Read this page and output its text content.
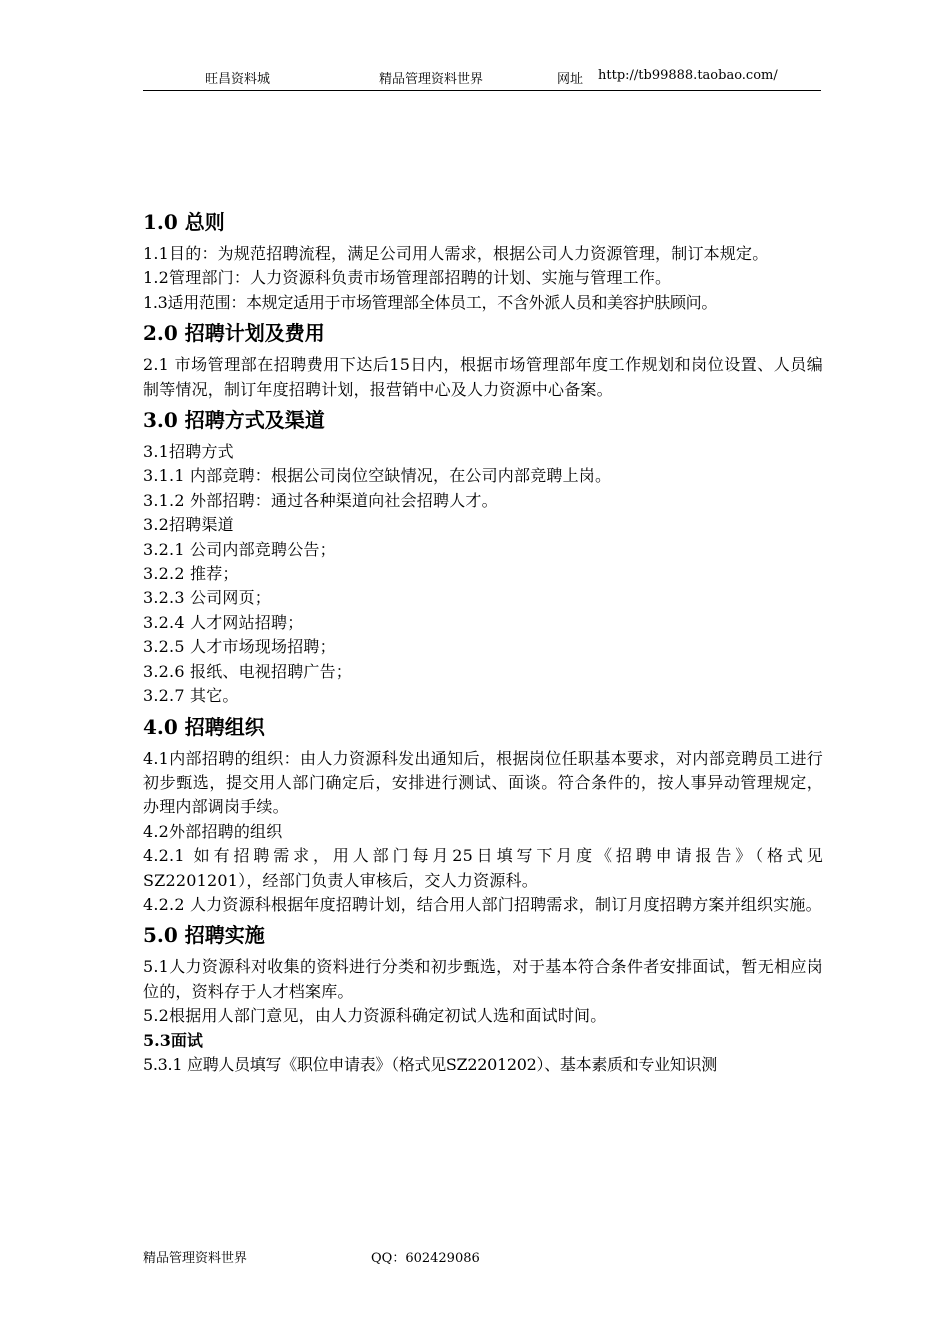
旺昌资料城	精品管理资料世界	网址 http://tb99888.taobao.com/
1.0 总则

1.1目的：为规范招聘流程，满足公司用人需求，根据公司人力资源管理，制订本规定。

1.2管理部门：人力资源科负责市场管理部招聘的计划、实施与管理工作。

1.3适用范围：本规定适用于市场管理部全体员工，不含外派人员和美容护肤顾问。

2.0 招聘计划及费用

2.1 市场管理部在招聘费用下达后15日内，根据市场管理部年度工作规划和岗位设置、人员编制等情况，制订年度招聘计划，报营销中心及人力资源中心备案。

3.0 招聘方式及渠道

3.1招聘方式

3.1.1 内部竞聘：根据公司岗位空缺情况，在公司内部竞聘上岗。

3.1.2 外部招聘：通过各种渠道向社会招聘人才。

3.2招聘渠道

3.2.1 公司内部竞聘公告；

3.2.2 推荐；

3.2.3 公司网页；

3.2.4 人才网站招聘；

3.2.5 人才市场现场招聘；

3.2.6 报纸、电视招聘广告；

3.2.7 其它。

4.0 招聘组织

4.1内部招聘的组织：由人力资源科发出通知后，根据岗位任职基本要求，对内部竞聘员工进行初步甄选，提交用人部门确定后，安排进行测试、面谈。符合条件的，按人事异动管理规定，办理内部调岗手续。

4.2外部招聘的组织

4.2.1 如有招聘需求，用人部门每月25日填写下月度《招聘申请报告》（格式见SZ2201201），经部门负责人审核后，交人力资源科。

4.2.2 人力资源科根据年度招聘计划，结合用人部门招聘需求，制订月度招聘方案并组织实施。

5.0 招聘实施

5.1人力资源科对收集的资料进行分类和初步甄选，对于基本符合条件者安排面试，暂无相应岗位的，资料存于人才档案库。

5.2根据用人部门意见，由人力资源科确定初试人选和面试时间。

5.3面试

5.3.1 应聘人员填写《职位申请表》（格式见SZ2201202）、基本素质和专业知识测

精品管理资料世界	QQ：602429086
